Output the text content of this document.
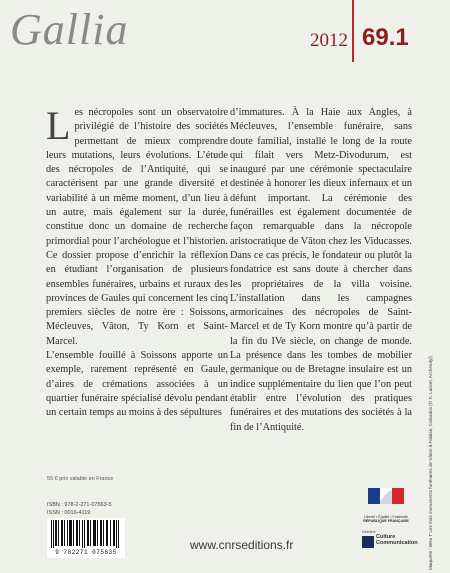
Gallia	2012 69.1

Les nécropoles sont un observatoire privilégié de l’histoire des sociétés permettant de mieux comprendre leurs mutations, leurs évolutions. L’étude des nécropoles de l’Antiquité, qui se caractérisent par une grande diversité et variabilité à un même moment, d’un lieu à un autre, mais également sur la durée, constitue donc un domaine de recherche primordial pour l’archéologue et l’historien. Ce dossier propose d’enrichir la réflexion en étudiant l’organisation de plusieurs ensembles funéraires, urbains et ruraux des provinces de Gaules qui concernent les cinq premiers siècles de notre ère : Soissons, Mécleuves, Vâton, Ty Korn et Saint-Marcel.

L’ensemble fouillé à Soissons apporte un exemple, rarement représenté en Gaule, d’aires de crémations associées à un quartier funéraire spécialisé dévolu pendant un certain temps au moins à des sépultures

d’immatures. À la Haie aux Angles, à Mécleuves, l’ensemble funéraire, sans doute familial, installé le long de la route qui filait vers Metz-Divodurum, est inauguré par une cérémonie spectaculaire destinée à honorer les dieux infernaux et un défunt important. La cérémonie des funérailles est également documentée de façon remarquable dans la nécropole aristocratique de Vâton chez les Viducasses. Dans ce cas précis, le fondateur ou plutôt la fondatrice est sans doute à chercher dans les propriétaires de la villa voisine. L’installation dans les campagnes armoricaines des nécropoles de Saint-Marcel et de Ty Korn montre qu’à partir de la fin du IVe siècle, on change de monde. La présence dans les tombes de mobilier germanique ou de Bretagne insulaire est un indice supplémentaire du lien que l’on peut établir entre l’évolution des pratiques funéraires et des mutations des sociétés à la fin de l’Antiquité.

55 € prix valable en France
ISBN : 978-2-271-07563-5
ISSN : 0016-4119
9 782271 075635
www.cnrseditions.fr
Liberté • Égalité • Fraternité
RÉPUBLIQUE FRANÇAISE
Ministère
Culture Communication Maquette : Bleu T Les trois monuments funéraires de Vâton à Falaise, Calvados (© S. Lasset, Archeodyl)
